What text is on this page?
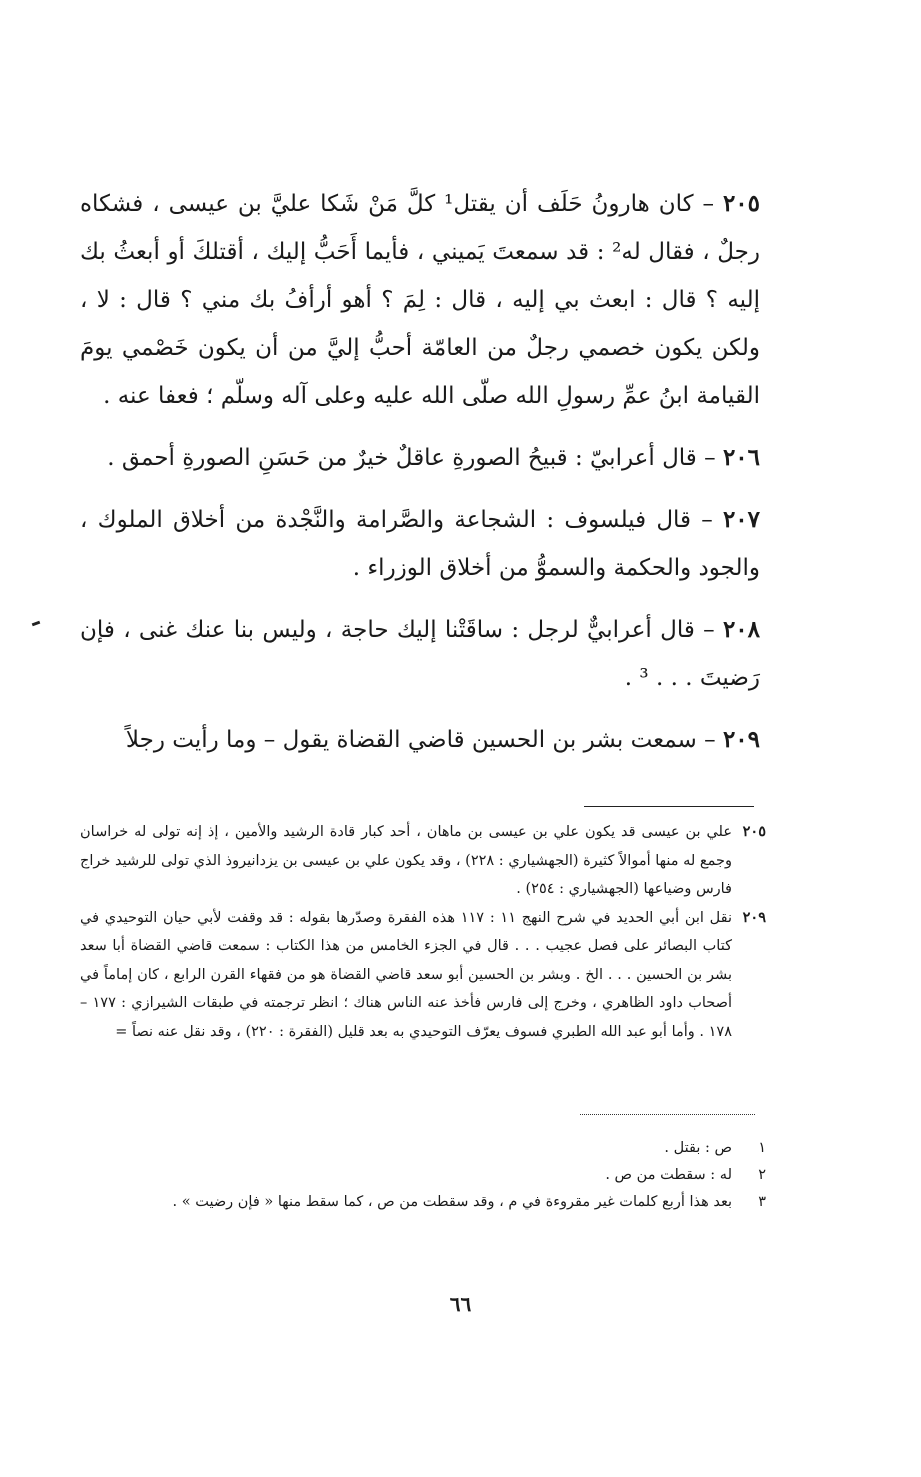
٢٠٥ – كان هارونُ حَلَف أن يقتل¹ كلَّ مَنْ شَكا عليَّ بن عيسى ، فشكاه رجلٌ ، فقال له² : قد سمعتَ يَميني ، فأيما أَحَبُّ إليك ، أقتلكَ أو أبعثُ بك إليه ؟ قال : ابعث بي إليه ، قال : لِمَ ؟ أهو أرأفُ بك مني ؟ قال : لا ، ولكن يكون خصمي رجلٌ من العامّة أحبُّ إليَّ من أن يكون خَصْمي يومَ القيامة ابنُ عمِّ رسولِ الله صلّى الله عليه وعلى آله وسلّم ؛ فعفا عنه .

٢٠٦ – قال أعرابيّ : قبيحُ الصورةِ عاقلٌ خيرٌ من حَسَنِ الصورةِ أحمق .

٢٠٧ – قال فيلسوف : الشجاعة والصَّرامة والنَّجْدة من أخلاق الملوك ، والجود والحكمة والسموُّ من أخلاق الوزراء .

٢٠٨ – قال أعرابيٌّ لرجل : ساقَتْنا إليك حاجة ، وليس بنا عنك غنى ، فإن رَضيتَ . . . ³ .

٢٠٩ – سمعت بشر بن الحسين قاضي القضاة يقول – وما رأيت رجلاً

٢٠٥
علي بن عيسى قد يكون علي بن عيسى بن ماهان ، أحد كبار قادة الرشيد والأمين ، إذ إنه تولى له خراسان وجمع له منها أموالاً كثيرة (الجهشياري : ٢٢٨) ، وقد يكون علي بن عيسى بن يزدانيروذ الذي تولى للرشيد خراج فارس وضياعها (الجهشياري : ٢٥٤) .
٢٠٩
نقل ابن أبي الحديد في شرح النهج ١١ : ١١٧ هذه الفقرة وصدّرها بقوله : قد وقفت لأبي حيان التوحيدي في كتاب البصائر على فصل عجيب . . . قال في الجزء الخامس من هذا الكتاب : سمعت قاضي القضاة أبا سعد بشر بن الحسين . . . الخ . وبشر بن الحسين أبو سعد قاضي القضاة هو من فقهاء القرن الرابع ، كان إماماً في أصحاب داود الظاهري ، وخرج إلى فارس فأخذ عنه الناس هناك ؛ انظر ترجمته في طبقات الشيرازي : ١٧٧ – ١٧٨ . وأما أبو عبد الله الطبري فسوف يعرّف التوحيدي به بعد قليل (الفقرة : ٢٢٠) ، وقد نقل عنه نصاً =
١
ص : بقتل .
٢
له : سقطت من ص .
٣
بعد هذا أربع كلمات غير مقروءة في م ، وقد سقطت من ص ، كما سقط منها « فإن رضيت » .
٦٦
